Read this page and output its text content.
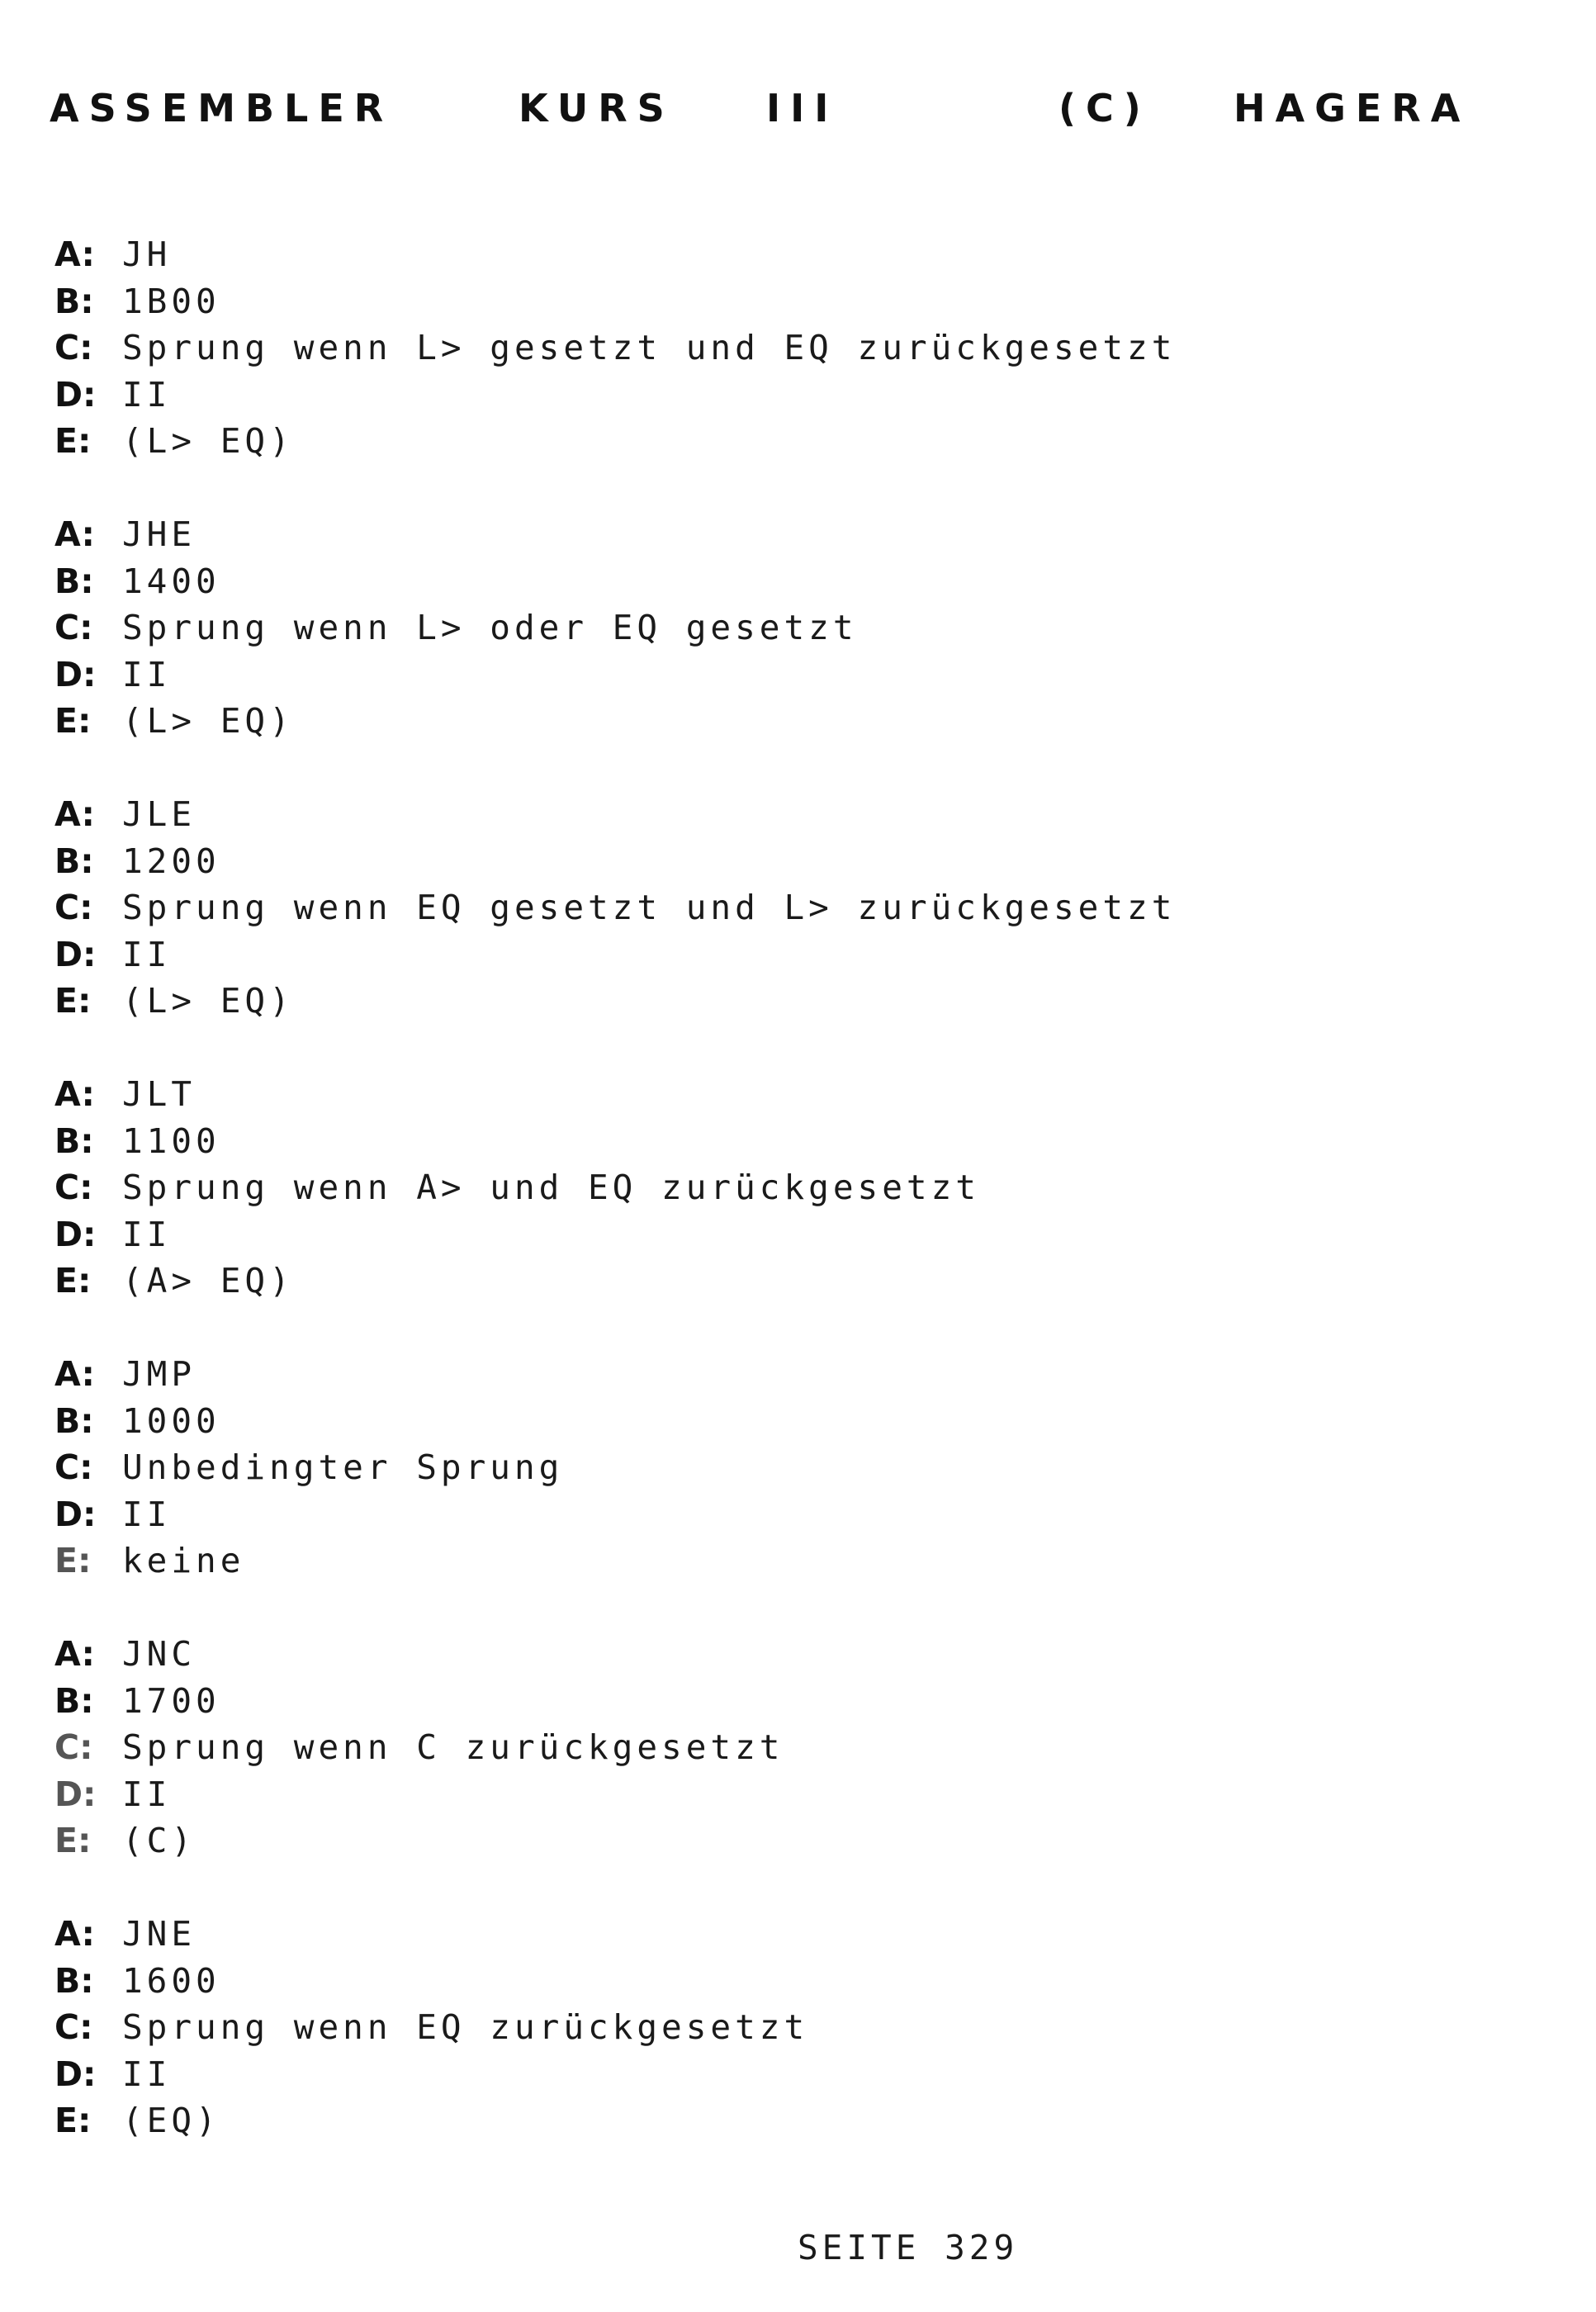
ASSEMBLER	KURS III	(C) HAGERA
A: JH
B: 1B00
C: Sprung wenn L> gesetzt und EQ zurückgesetzt
D: II
E: (L> EQ)
A: JHE
B: 1400
C: Sprung wenn L> oder EQ gesetzt
D: II
E: (L> EQ)
A: JLE
B: 1200
C: Sprung wenn EQ gesetzt und L> zurückgesetzt
D: II
E: (L> EQ)
A: JLT
B: 1100
C: Sprung wenn A> und EQ zurückgesetzt
D: II
E: (A> EQ)
A: JMP
B: 1000
C: Unbedingter Sprung
D: II
E: keine
A: JNC
B: 1700
C: Sprung wenn C zurückgesetzt
D: II
E: (C)
A: JNE
B: 1600
C: Sprung wenn EQ zurückgesetzt
D: II
E: (EQ)
SEITE 329
